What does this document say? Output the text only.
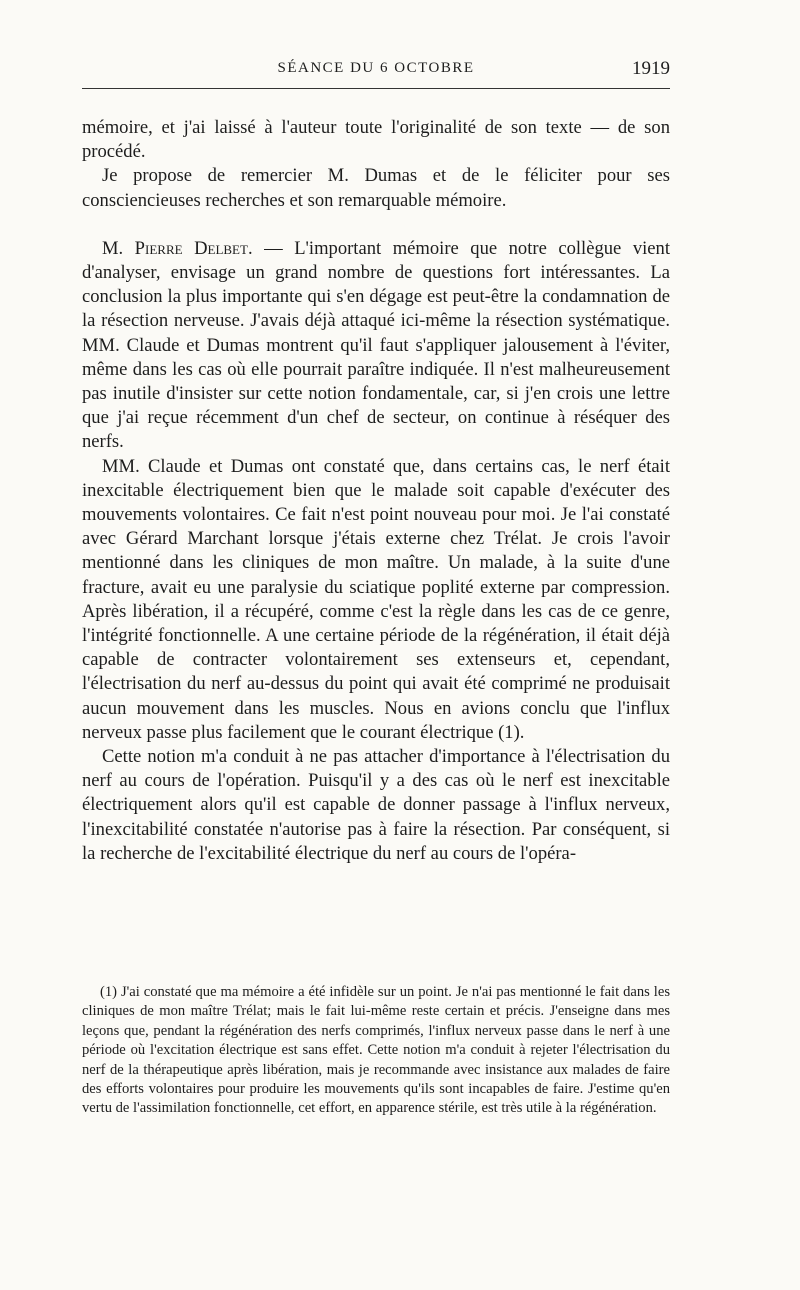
SÉANCE DU 6 OCTOBRE	1919

mémoire, et j'ai laissé à l'auteur toute l'originalité de son texte — de son procédé.

Je propose de remercier M. Dumas et de le féliciter pour ses consciencieuses recherches et son remarquable mémoire.

M. Pierre Delbet. — L'important mémoire que notre collègue vient d'analyser, envisage un grand nombre de questions fort intéressantes. La conclusion la plus importante qui s'en dégage est peut-être la condamnation de la résection nerveuse. J'avais déjà attaqué ici-même la résection systématique. MM. Claude et Dumas montrent qu'il faut s'appliquer jalousement à l'éviter, même dans les cas où elle pourrait paraître indiquée. Il n'est malheureusement pas inutile d'insister sur cette notion fondamentale, car, si j'en crois une lettre que j'ai reçue récemment d'un chef de secteur, on continue à réséquer des nerfs.

MM. Claude et Dumas ont constaté que, dans certains cas, le nerf était inexcitable électriquement bien que le malade soit capable d'exécuter des mouvements volontaires. Ce fait n'est point nouveau pour moi. Je l'ai constaté avec Gérard Marchant lorsque j'étais externe chez Trélat. Je crois l'avoir mentionné dans les cliniques de mon maître. Un malade, à la suite d'une fracture, avait eu une paralysie du sciatique poplité externe par compression. Après libération, il a récupéré, comme c'est la règle dans les cas de ce genre, l'intégrité fonctionnelle. A une certaine période de la régénération, il était déjà capable de contracter volontairement ses extenseurs et, cependant, l'électrisation du nerf au-dessus du point qui avait été comprimé ne produisait aucun mouvement dans les muscles. Nous en avions conclu que l'influx nerveux passe plus facilement que le courant électrique (1).

Cette notion m'a conduit à ne pas attacher d'importance à l'électrisation du nerf au cours de l'opération. Puisqu'il y a des cas où le nerf est inexcitable électriquement alors qu'il est capable de donner passage à l'influx nerveux, l'inexcitabilité constatée n'autorise pas à faire la résection. Par conséquent, si la recherche de l'excitabilité électrique du nerf au cours de l'opéra-

(1) J'ai constaté que ma mémoire a été infidèle sur un point. Je n'ai pas mentionné le fait dans les cliniques de mon maître Trélat; mais le fait lui-même reste certain et précis. J'enseigne dans mes leçons que, pendant la régénération des nerfs comprimés, l'influx nerveux passe dans le nerf à une période où l'excitation électrique est sans effet. Cette notion m'a conduit à rejeter l'électrisation du nerf de la thérapeutique après libération, mais je recommande avec insistance aux malades de faire des efforts volontaires pour produire les mouvements qu'ils sont incapables de faire. J'estime qu'en vertu de l'assimilation fonctionnelle, cet effort, en apparence stérile, est très utile à la régénération.
